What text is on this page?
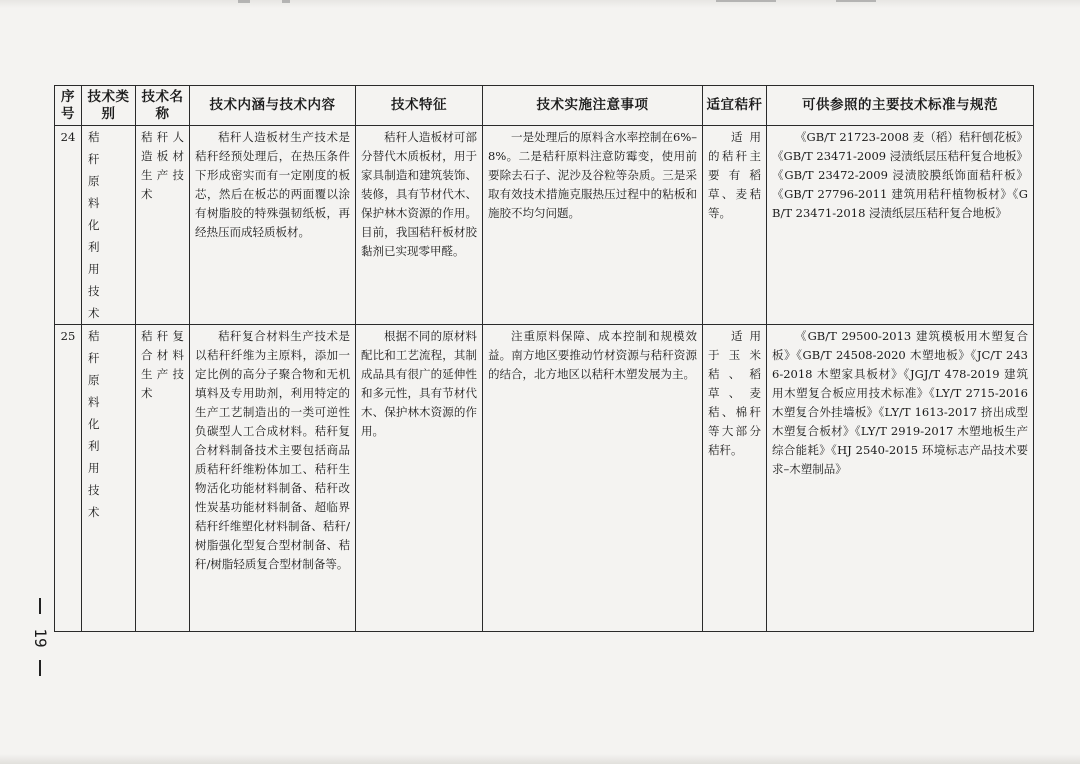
序号	技术类别	技术名称	技术内涵与技术内容	技术特征	技术实施注意事项	适宜秸秆	可供参照的主要技术标准与规范

24	秸秆原料化利用技术	秸秆人造板材生产技术	秸秆人造板材生产技术是秸秆经预处理后，在热压条件下形成密实而有一定刚度的板芯，然后在板芯的两面覆以涂有树脂胶的特殊强韧纸板，再经热压而成轻质板材。	秸秆人造板材可部分替代木质板材，用于家具制造和建筑装饰、装修，具有节材代木、保护林木资源的作用。目前，我国秸秆板材胶黏剂已实现零甲醛。	一是处理后的原料含水率控制在6%–8%。二是秸秆原料注意防霉变，使用前要除去石子、泥沙及谷粒等杂质。三是采取有效技术措施克服热压过程中的粘板和施胶不均匀问题。	适用的秸秆主要有稻草、麦秸等。	《GB/T 21723-2008 麦（稻）秸秆刨花板》《GB/T 23471-2009 浸渍纸层压秸秆复合地板》《GB/T 23472-2009 浸渍胶膜纸饰面秸秆板》《GB/T 27796-2011 建筑用秸秆植物板材》《GB/T 23471-2018 浸渍纸层压秸秆复合地板》

25	秸秆原料化利用技术	秸秆复合材料生产技术	秸秆复合材料生产技术是以秸秆纤维为主原料，添加一定比例的高分子聚合物和无机填料及专用助剂，利用特定的生产工艺制造出的一类可逆性负碳型人工合成材料。秸秆复合材料制备技术主要包括商品质秸秆纤维粉体加工、秸秆生物活化功能材料制备、秸秆改性炭基功能材料制备、超临界秸秆纤维塑化材料制备、秸秆/树脂强化型复合型材制备、秸秆/树脂轻质复合型材制备等。	根据不同的原材料配比和工艺流程，其制成品具有很广的延伸性和多元性，具有节材代木、保护林木资源的作用。	注重原料保障、成本控制和规模效益。南方地区要推动竹材资源与秸秆资源的结合，北方地区以秸秆木塑发展为主。	适用于玉米秸、稻草、麦秸、棉秆等大部分秸秆。	《GB/T 29500-2013 建筑模板用木塑复合板》《GB/T 24508-2020 木塑地板》《JC/T 2436-2018 木塑家具板材》《JGJ/T 478-2019 建筑用木塑复合板应用技术标准》《LY/T 2715-2016 木塑复合外挂墙板》《LY/T 1613-2017 挤出成型木塑复合板材》《LY/T 2919-2017 木塑地板生产综合能耗》《HJ 2540-2015 环境标志产品技术要求–木塑制品》
19
